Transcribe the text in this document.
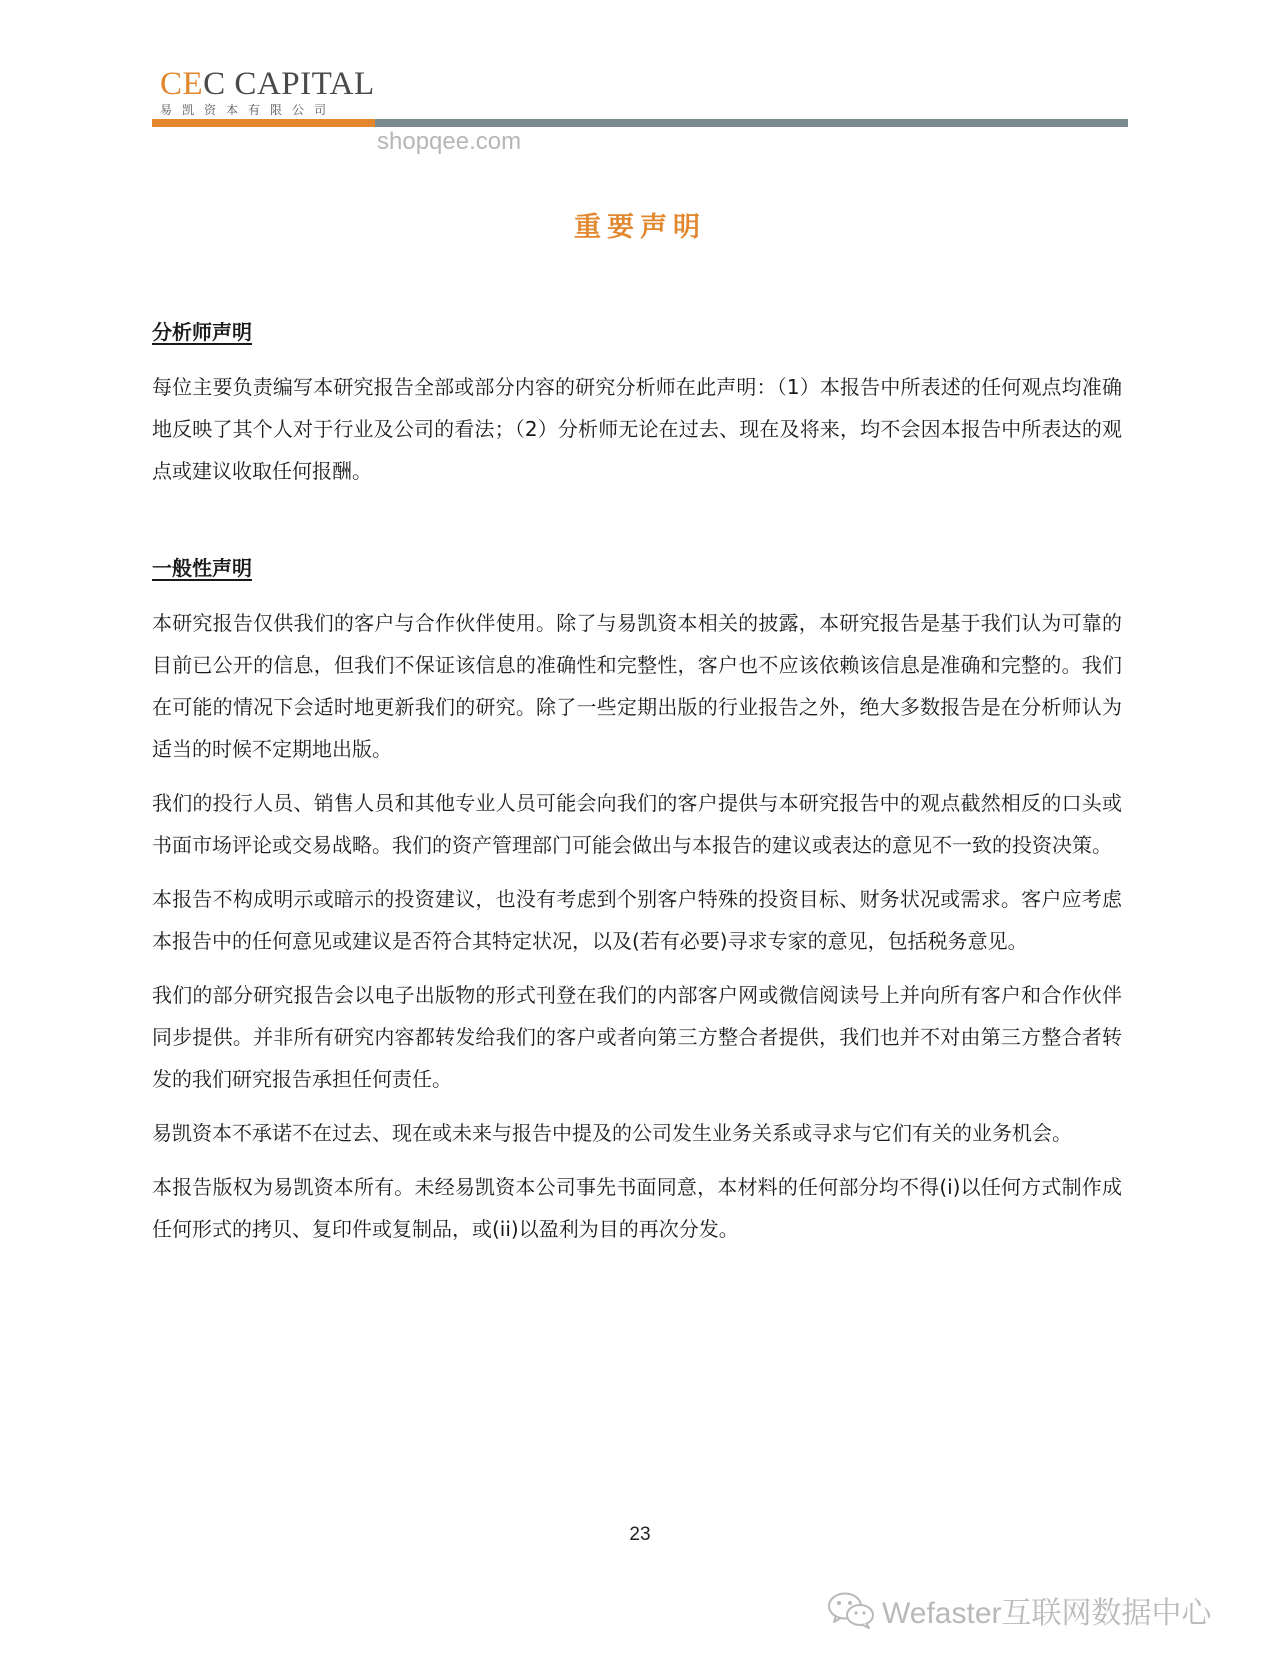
CEC CAPITAL
易凯资本有限公司
shopqee.com
重要声明
分析师声明

每位主要负责编写本研究报告全部或部分内容的研究分析师在此声明：（1）本报告中所表述的任何观点均准确地反映了其个人对于行业及公司的看法；（2）分析师无论在过去、现在及将来，均不会因本报告中所表达的观点或建议收取任何报酬。

一般性声明

本研究报告仅供我们的客户与合作伙伴使用。除了与易凯资本相关的披露，本研究报告是基于我们认为可靠的目前已公开的信息，但我们不保证该信息的准确性和完整性，客户也不应该依赖该信息是准确和完整的。我们在可能的情况下会适时地更新我们的研究。除了一些定期出版的行业报告之外，绝大多数报告是在分析师认为适当的时候不定期地出版。

我们的投行人员、销售人员和其他专业人员可能会向我们的客户提供与本研究报告中的观点截然相反的口头或书面市场评论或交易战略。我们的资产管理部门可能会做出与本报告的建议或表达的意见不一致的投资决策。

本报告不构成明示或暗示的投资建议，也没有考虑到个别客户特殊的投资目标、财务状况或需求。客户应考虑本报告中的任何意见或建议是否符合其特定状况，以及(若有必要)寻求专家的意见，包括税务意见。

我们的部分研究报告会以电子出版物的形式刊登在我们的内部客户网或微信阅读号上并向所有客户和合作伙伴同步提供。并非所有研究内容都转发给我们的客户或者向第三方整合者提供，我们也并不对由第三方整合者转发的我们研究报告承担任何责任。

易凯资本不承诺不在过去、现在或未来与报告中提及的公司发生业务关系或寻求与它们有关的业务机会。

本报告版权为易凯资本所有。未经易凯资本公司事先书面同意，本材料的任何部分均不得(i)以任何方式制作成任何形式的拷贝、复印件或复制品，或(ii)以盈利为目的再次分发。

23
Wefaster互联网数据中心
